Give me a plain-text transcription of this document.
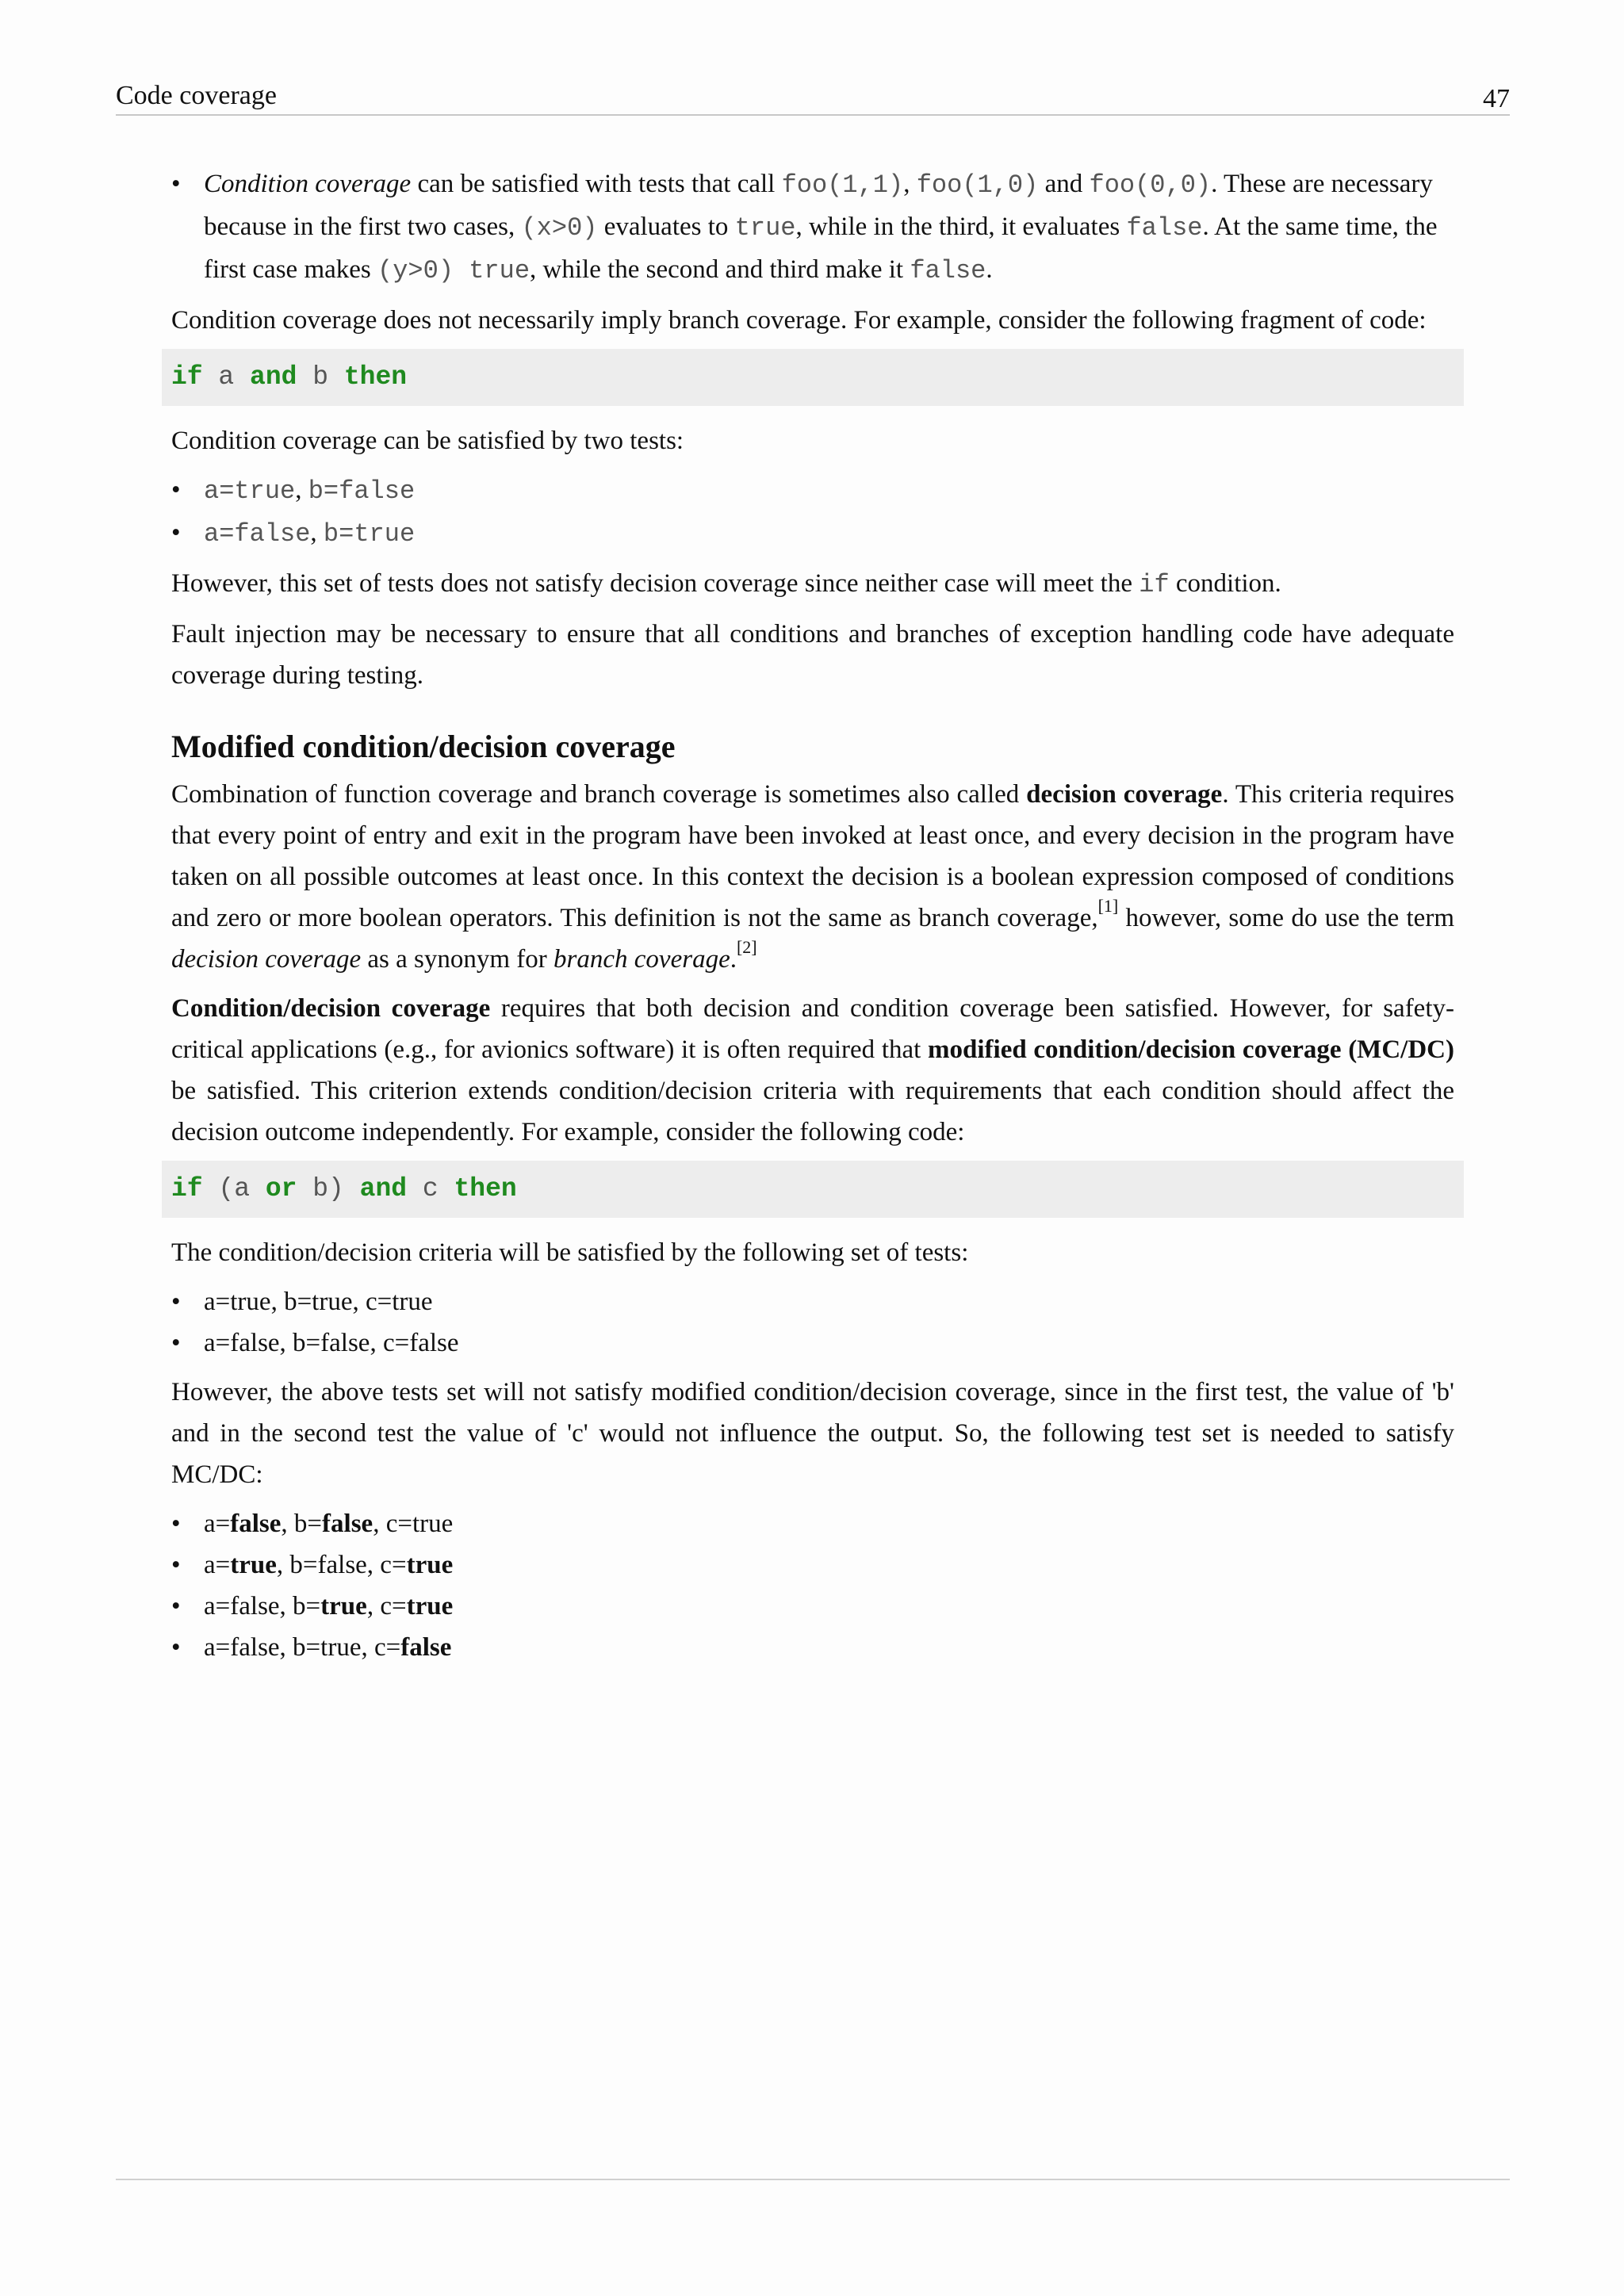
Code coverage	47
• Condition coverage can be satisfied with tests that call foo(1,1), foo(1,0) and foo(0,0). These are necessary because in the first two cases, (x>0) evaluates to true, while in the third, it evaluates false. At the same time, the first case makes (y>0) true, while the second and third make it false.

Condition coverage does not necessarily imply branch coverage. For example, consider the following fragment of code:

if a and b then

Condition coverage can be satisfied by two tests:

• a=true, b=false
• a=false, b=true

However, this set of tests does not satisfy decision coverage since neither case will meet the if condition.

Fault injection may be necessary to ensure that all conditions and branches of exception handling code have adequate coverage during testing.

Modified condition/decision coverage

Combination of function coverage and branch coverage is sometimes also called decision coverage. This criteria requires that every point of entry and exit in the program have been invoked at least once, and every decision in the program have taken on all possible outcomes at least once. In this context the decision is a boolean expression composed of conditions and zero or more boolean operators. This definition is not the same as branch coverage,[1] however, some do use the term decision coverage as a synonym for branch coverage.[2]

Condition/decision coverage requires that both decision and condition coverage been satisfied. However, for safety-critical applications (e.g., for avionics software) it is often required that modified condition/decision coverage (MC/DC) be satisfied. This criterion extends condition/decision criteria with requirements that each condition should affect the decision outcome independently. For example, consider the following code:

if (a or b) and c then

The condition/decision criteria will be satisfied by the following set of tests:

• a=true, b=true, c=true
• a=false, b=false, c=false

However, the above tests set will not satisfy modified condition/decision coverage, since in the first test, the value of 'b' and in the second test the value of 'c' would not influence the output. So, the following test set is needed to satisfy MC/DC:

• a=false, b=false, c=true
• a=true, b=false, c=true
• a=false, b=true, c=true
• a=false, b=true, c=false
